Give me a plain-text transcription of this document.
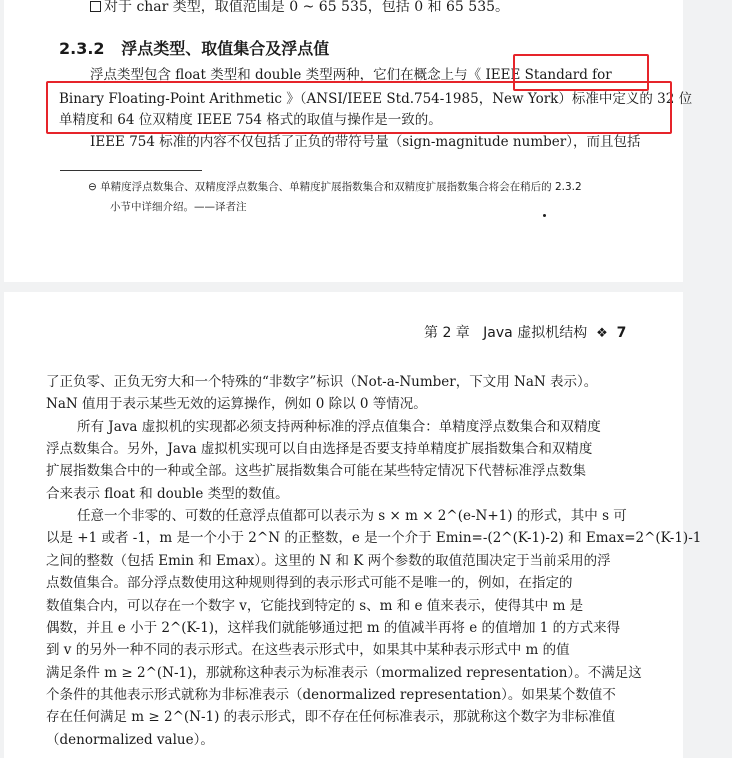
对于 char 类型，取值范围是 0 ~ 65 535，包括 0 和 65 535。
2.3.2 浮点类型、取值集合及浮点值
浮点类型包含 float 类型和 double 类型两种，它们在概念上与《 IEEE Standard for
Binary Floating-Point Arithmetic 》（ANSI/IEEE Std.754-1985，New York）标准中定义的 32 位
单精度和 64 位双精度 IEEE 754 格式的取值与操作是一致的。
IEEE 754 标准的内容不仅包括了正负的带符号量（sign-magnitude number），而且包括
⊖ 单精度浮点数集合、双精度浮点数集合、单精度扩展指数集合和双精度扩展指数集合将会在稍后的 2.3.2
小节中详细介绍。——译者注
第 2 章 Java 虚拟机结构 ❖ 7
了正负零、正负无穷大和一个特殊的“非数字”标识（Not-a-Number，下文用 NaN 表示）。
NaN 值用于表示某些无效的运算操作，例如 0 除以 0 等情况。
所有 Java 虚拟机的实现都必须支持两种标准的浮点值集合：单精度浮点数集合和双精度
浮点数集合。另外，Java 虚拟机实现可以自由选择是否要支持单精度扩展指数集合和双精度
扩展指数集合中的一种或全部。这些扩展指数集合可能在某些特定情况下代替标准浮点数集
合来表示 float 和 double 类型的数值。
任意一个非零的、可数的任意浮点值都可以表示为 s × m × 2^(e-N+1) 的形式，其中 s 可
以是 +1 或者 -1，m 是一个小于 2^N 的正整数，e 是一个介于 Emin=-(2^(K-1)-2) 和 Emax=2^(K-1)-1
之间的整数（包括 Emin 和 Emax）。这里的 N 和 K 两个参数的取值范围决定于当前采用的浮
点数值集合。部分浮点数使用这种规则得到的表示形式可能不是唯一的，例如，在指定的
数值集合内，可以存在一个数字 v，它能找到特定的 s、m 和 e 值来表示，使得其中 m 是
偶数，并且 e 小于 2^(K-1)，这样我们就能够通过把 m 的值减半再将 e 的值增加 1 的方式来得
到 v 的另外一种不同的表示形式。在这些表示形式中，如果其中某种表示形式中 m 的值
满足条件 m ≥ 2^(N-1)，那就称这种表示为标准表示（mormalized representation）。不满足这
个条件的其他表示形式就称为非标准表示（denormalized representation）。如果某个数值不
存在任何满足 m ≥ 2^(N-1) 的表示形式，即不存在任何标准表示，那就称这个数字为非标准值
（denormalized value）。
